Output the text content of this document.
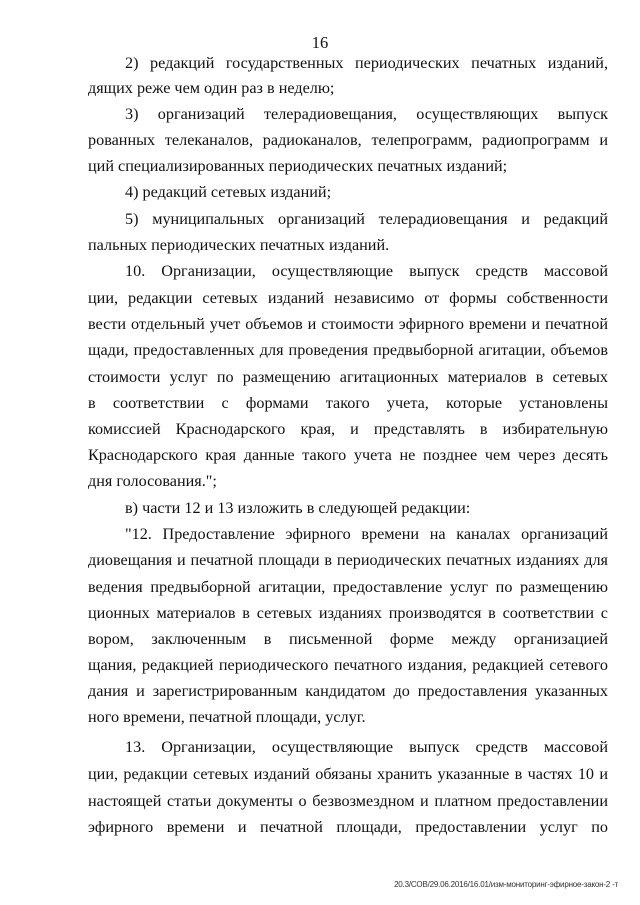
16
2) редакций государственных периодических печатных изданий,
дящих реже чем один раз в неделю;
3) организаций телерадиовещания, осуществляющих выпуск
рованных телеканалов, радиоканалов, телепрограмм, радиопрограмм и
ций специализированных периодических печатных изданий;
4) редакций сетевых изданий;
5) муниципальных организаций телерадиовещания и редакций
пальных периодических печатных изданий.
10. Организации, осуществляющие выпуск средств массовой
ции, редакции сетевых изданий независимо от формы собственности
вести отдельный учет объемов и стоимости эфирного времени и печатной
щади, предоставленных для проведения предвыборной агитации, объемов
стоимости услуг по размещению агитационных материалов в сетевых
в соответствии с формами такого учета, которые установлены
комиссией Краснодарского края, и представлять в избирательную
Краснодарского края данные такого учета не позднее чем через десять
дня голосования.";
в) части 12 и 13 изложить в следующей редакции:
"12. Предоставление эфирного времени на каналах организаций
диовещания и печатной площади в периодических печатных изданиях для
ведения предвыборной агитации, предоставление услуг по размещению
ционных материалов в сетевых изданиях производятся в соответствии с
вором, заключенным в письменной форме между организацией
щания, редакцией периодического печатного издания, редакцией сетевого
дания и зарегистрированным кандидатом до предоставления указанных
ного времени, печатной площади, услуг.
13. Организации, осуществляющие выпуск средств массовой
ции, редакции сетевых изданий обязаны хранить указанные в частях 10 и
настоящей статьи документы о безвозмездном и платном предоставлении
эфирного времени и печатной площади, предоставлении услуг по
20.3/COB/29.06.2016/16.01/изм-мониторинг-эфирное-закон-2 -т
